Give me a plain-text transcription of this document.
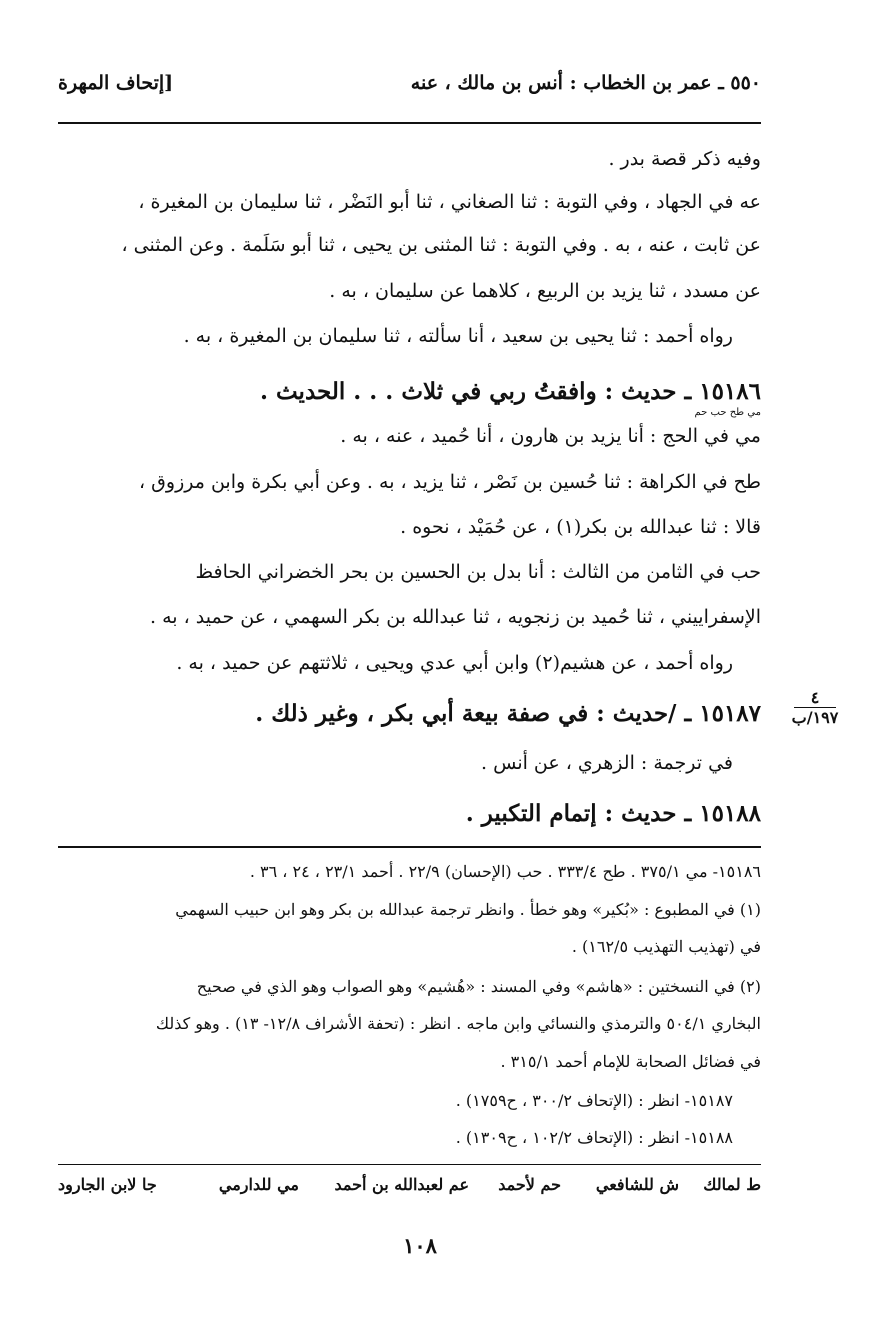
٥٥٠ ـ عمر بن الخطاب : أنس بن مالك ، عنه
[إتحاف المهرة
وفيه ذكر قصة بدر .
عه في الجهاد ، وفي التوبة : ثنا الصغاني ، ثنا أبو النَضْر ، ثنا سليمان بن المغيرة ،
عن ثابت ، عنه ، به . وفي التوبة : ثنا المثنى بن يحيى ، ثنا أبو سَلَمة . وعن المثنى ،
عن مسدد ، ثنا يزيد بن الربيع ، كلاهما عن سليمان ، به .
رواه أحمد : ثنا يحيى بن سعيد ، أنا سألته ، ثنا سليمان بن المغيرة ، به .
١٥١٨٦ ـ حديث : وافقتُ ربي في ثلاث . . . الحديث .
مي طح حب حم
مي في الحج : أنا يزيد بن هارون ، أنا حُميد ، عنه ، به .
طح في الكراهة : ثنا حُسين بن نَصْر ، ثنا يزيد ، به . وعن أبي بكرة وابن مرزوق ،
قالا : ثنا عبدالله بن بكر(١) ، عن حُمَيْد ، نحوه .
حب في الثامن من الثالث : أنا بدل بن الحسين بن بحر الخضراني الحافظ
الإسفراييني ، ثنا حُميد بن زنجويه ، ثنا عبدالله بن بكر السهمي ، عن حميد ، به .
رواه أحمد ، عن هشيم(٢) وابن أبي عدي ويحيى ، ثلاثتهم عن حميد ، به .
١٥١٨٧ ـ /حديث : في صفة بيعة أبي بكر ، وغير ذلك .
في ترجمة : الزهري ، عن أنس .
١٥١٨٨ ـ حديث : إتمام التكبير .
٤
١٩٧/ب
١٥١٨٦- مي ٣٧٥/١ . طح ٣٣٣/٤ . حب (الإحسان) ٢٢/٩ . أحمد ٢٣/١ ، ٢٤ ، ٣٦ .
(١) في المطبوع : «بُكير» وهو خطأ . وانظر ترجمة عبدالله بن بكر وهو ابن حبيب السهمي
في (تهذيب التهذيب ١٦٢/٥) .
(٢) في النسختين : «هاشم» وفي المسند : «هُشيم» وهو الصواب وهو الذي في صحيح
البخاري ٥٠٤/١ والترمذي والنسائي وابن ماجه . انظر : (تحفة الأشراف ١٢/٨- ١٣) . وهو كذلك
في فضائل الصحابة للإمام أحمد ٣١٥/١ .
١٥١٨٧- انظر : (الإتحاف ٣٠٠/٢ ، ح١٧٥٩) .
١٥١٨٨- انظر : (الإتحاف ١٠٢/٢ ، ح١٣٠٩) .
ط لمالك
ش للشافعي
حم لأحمد
عم لعبدالله بن أحمد
مي للدارمي
جا لابن الجارود
١٠٨
